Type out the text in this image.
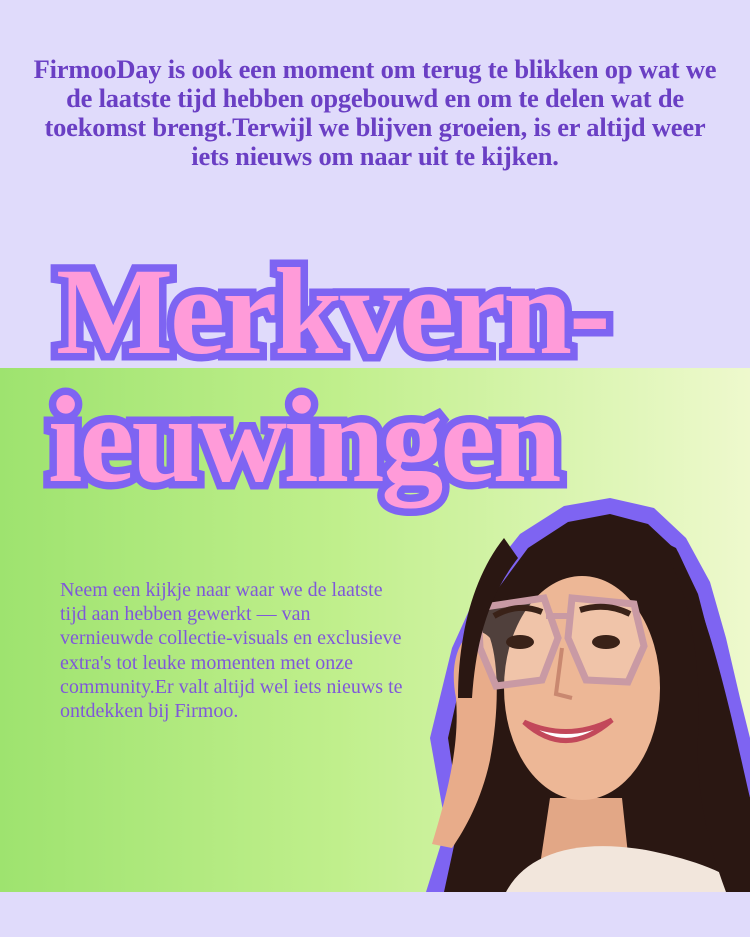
FirmooDay is ook een moment om terug te blikken op wat we de laatste tijd hebben opgebouwd en om te delen wat de toekomst brengt.Terwijl we blijven groeien, is er altijd weer iets nieuws om naar uit te kijken.

Merkvern-
ieuwingen

Neem een kijkje naar waar we de laatste tijd aan hebben gewerkt — van vernieuwde collectie-visuals en exclusieve extra's tot leuke momenten met onze community.Er valt altijd wel iets nieuws te ontdekken bij Firmoo.
